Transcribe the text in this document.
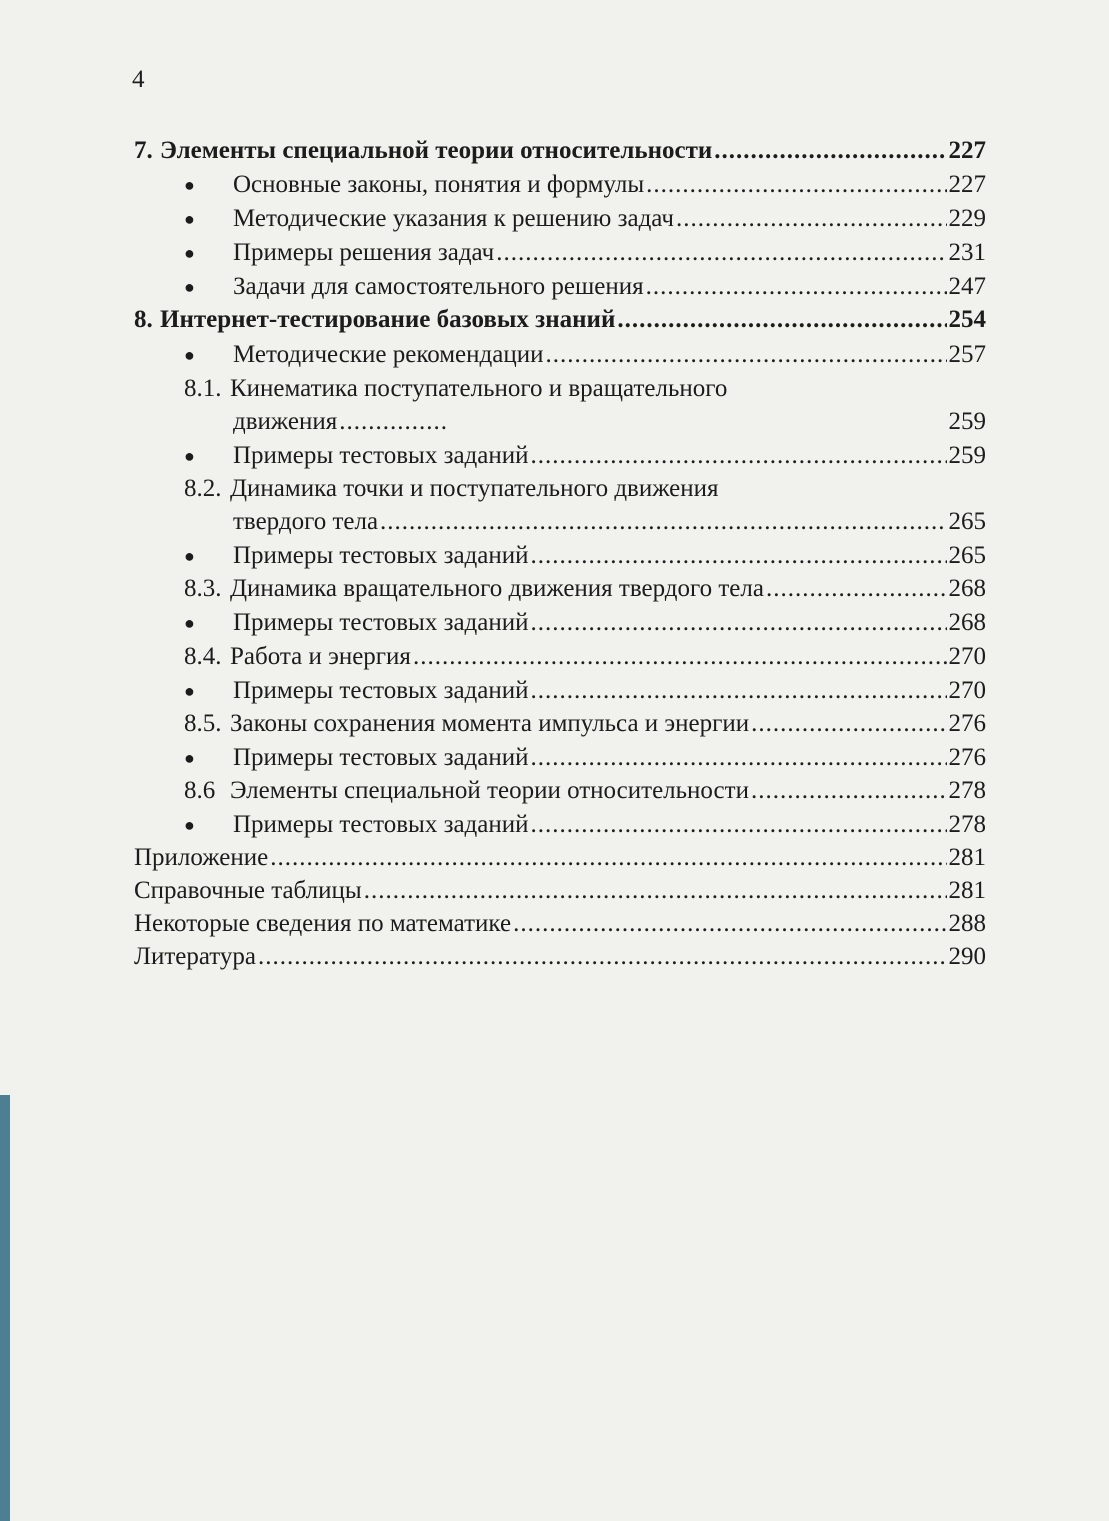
4
7. Элементы специальной теории относительности .....	227
● Основные законы, понятия и формулы .....	227
● Методические указания к решению задач .....	229
● Примеры решения задач .....	231
● Задачи для самостоятельного решения .....	247
8. Интернет-тестирование базовых знаний .....	254
● Методические рекомендации .....	257
8.1. Кинематика поступательного и вращательного
движения .....	259
● Примеры тестовых заданий .....	259
8.2. Динамика точки и поступательного движения
твердого тела .....	265
● Примеры тестовых заданий .....	265
8.3. Динамика вращательного движения твердого тела .....	268
● Примеры тестовых заданий .....	268
8.4. Работа и энергия .....	270
● Примеры тестовых заданий .....	270
8.5. Законы сохранения момента импульса и энергии .....	276
● Примеры тестовых заданий .....	276
8.6 Элементы специальной теории относительности .....	278
● Примеры тестовых заданий .....	278
Приложение .....	281
Справочные таблицы .....	281
Некоторые сведения по математике .....	288
Литература .....	290
